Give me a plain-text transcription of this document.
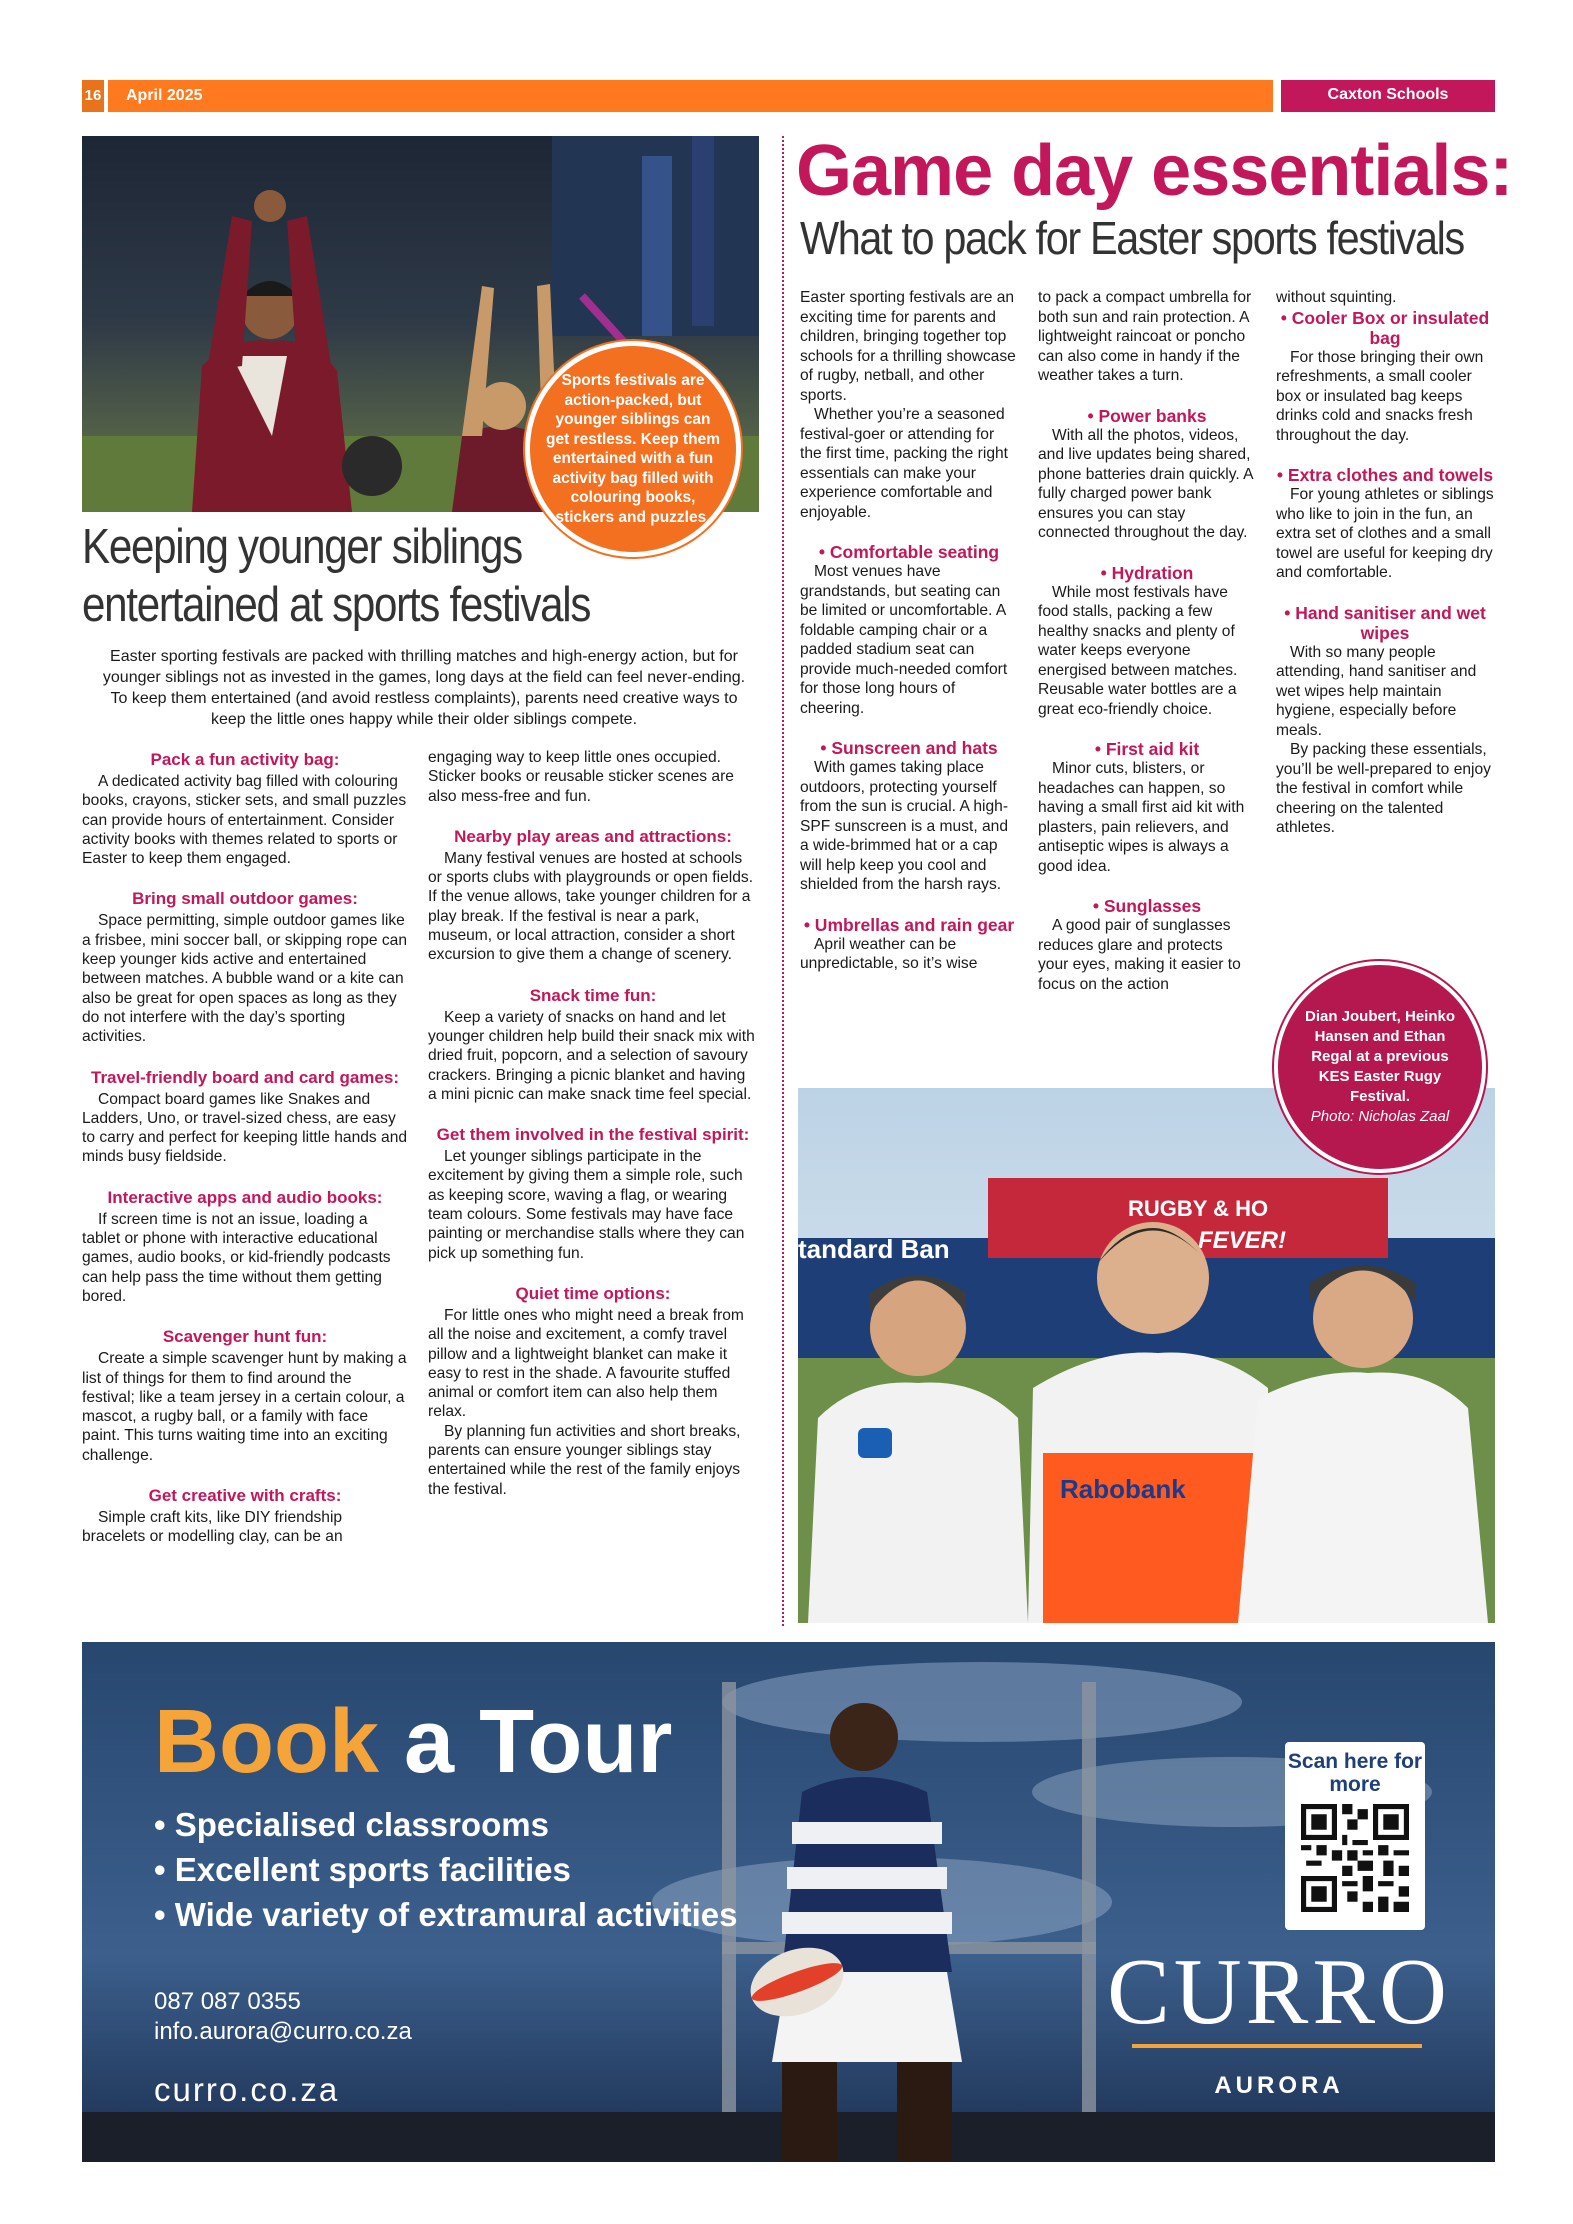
16 April 2025	Caxton Schools
Sports festivals are action-packed, but younger siblings can get restless. Keep them entertained with a fun activity bag filled with colouring books, stickers and puzzles.
Keeping younger siblings
entertained at sports festivals
Easter sporting festivals are packed with thrilling matches and high-energy action, but for younger siblings not as invested in the games, long days at the field can feel never-ending. To keep them entertained (and avoid restless complaints), parents need creative ways to keep the little ones happy while their older siblings compete.
Pack a fun activity bag:

A dedicated activity bag filled with colouring books, crayons, sticker sets, and small puzzles can provide hours of entertainment. Consider activity books with themes related to sports or Easter to keep them engaged.

Bring small outdoor games:

Space permitting, simple outdoor games like a frisbee, mini soccer ball, or skipping rope can keep younger kids active and entertained between matches. A bubble wand or a kite can also be great for open spaces as long as they do not interfere with the day’s sporting activities.

Travel-friendly board and card games:

Compact board games like Snakes and Ladders, Uno, or travel-sized chess, are easy to carry and perfect for keeping little hands and minds busy fieldside.

Interactive apps and audio books:

If screen time is not an issue, loading a tablet or phone with interactive educational games, audio books, or kid-friendly podcasts can help pass the time without them getting bored.

Scavenger hunt fun:

Create a simple scavenger hunt by making a list of things for them to find around the festival; like a team jersey in a certain colour, a mascot, a rugby ball, or a family with face paint. This turns waiting time into an exciting challenge.

Get creative with crafts:

Simple craft kits, like DIY friendship bracelets or modelling clay, can be an

engaging way to keep little ones occupied. Sticker books or reusable sticker scenes are also mess-free and fun.

Nearby play areas and attractions:

Many festival venues are hosted at schools or sports clubs with playgrounds or open fields. If the venue allows, take younger children for a play break. If the festival is near a park, museum, or local attraction, consider a short excursion to give them a change of scenery.

Snack time fun:

Keep a variety of snacks on hand and let younger children help build their snack mix with dried fruit, popcorn, and a selection of savoury crackers. Bringing a picnic blanket and having a mini picnic can make snack time feel special.

Get them involved in the festival spirit:

Let younger siblings participate in the excitement by giving them a simple role, such as keeping score, waving a flag, or wearing team colours. Some festivals may have face painting or merchandise stalls where they can pick up something fun.

Quiet time options:

For little ones who might need a break from all the noise and excitement, a comfy travel pillow and a lightweight blanket can make it easy to rest in the shade. A favourite stuffed animal or comfort item can also help them relax.

By planning fun activities and short breaks, parents can ensure younger siblings stay entertained while the rest of the family enjoys the festival.

Game day essentials:
What to pack for Easter sports festivals

Easter sporting festivals are an exciting time for parents and children, bringing together top schools for a thrilling showcase of rugby, netball, and other sports.

Whether you’re a seasoned festival-goer or attending for the first time, packing the right essentials can make your experience comfortable and enjoyable.

• Comfortable seating

Most venues have grandstands, but seating can be limited or uncomfortable. A foldable camping chair or a padded stadium seat can provide much-needed comfort for those long hours of cheering.

• Sunscreen and hats

With games taking place outdoors, protecting yourself from the sun is crucial. A high-SPF sunscreen is a must, and a wide-brimmed hat or a cap will help keep you cool and shielded from the harsh rays.

• Umbrellas and rain gear

April weather can be unpredictable, so it’s wise

to pack a compact umbrella for both sun and rain protection. A lightweight raincoat or poncho can also come in handy if the weather takes a turn.

• Power banks

With all the photos, videos, and live updates being shared, phone batteries drain quickly. A fully charged power bank ensures you can stay connected throughout the day.

• Hydration

While most festivals have food stalls, packing a few healthy snacks and plenty of water keeps everyone energised between matches. Reusable water bottles are a great eco-friendly choice.

• First aid kit

Minor cuts, blisters, or headaches can happen, so having a small first aid kit with plasters, pain relievers, and antiseptic wipes is always a good idea.

• Sunglasses

A good pair of sunglasses reduces glare and protects your eyes, making it easier to focus on the action

without squinting.

• Cooler Box or insulated bag

For those bringing their own refreshments, a small cooler box or insulated bag keeps drinks cold and snacks fresh throughout the day.

• Extra clothes and towels

For young athletes or siblings who like to join in the fun, an extra set of clothes and a small towel are useful for keeping dry and comfortable.

• Hand sanitiser and wet wipes

With so many people attending, hand sanitiser and wet wipes help maintain hygiene, especially before meals.

By packing these essentials, you’ll be well-prepared to enjoy the festival in comfort while cheering on the talented athletes.

RUGBY & HO
FEVER!
tandard Ban
Rabobank
Dian Joubert, Heinko Hansen and Ethan Regal at a previous KES Easter Rugy Festival.
Photo: Nicholas Zaal
Book a Tour
• Specialised classrooms
• Excellent sports facilities
• Wide variety of extramural activities
087 087 0355
info.aurora@curro.co.za
curro.co.za
Scan here for more
CURRO
AURORA
